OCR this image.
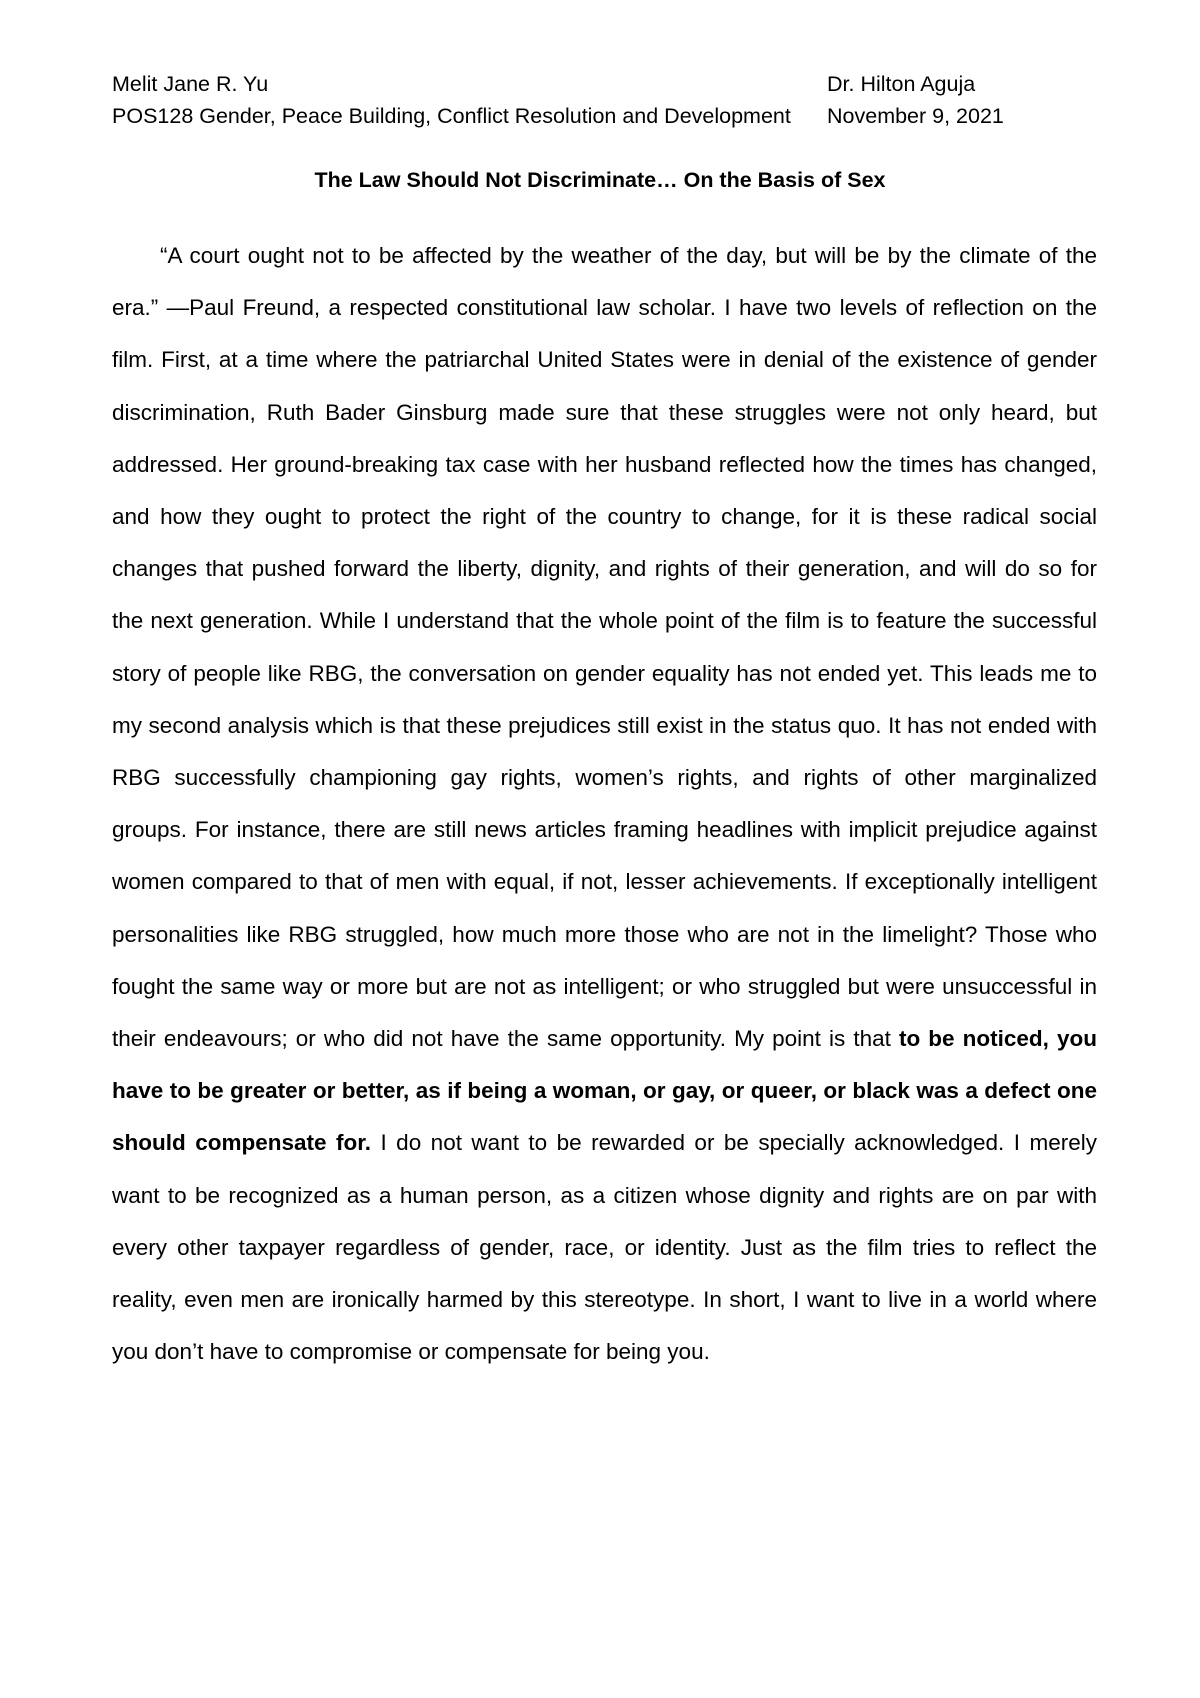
Melit Jane R. Yu	Dr. Hilton Aguja
POS128 Gender, Peace Building, Conflict Resolution and Development November 9, 2021
The Law Should Not Discriminate… On the Basis of Sex

“A court ought not to be affected by the weather of the day, but will be by the climate of the era.” —Paul Freund, a respected constitutional law scholar. I have two levels of reflection on the film. First, at a time where the patriarchal United States were in denial of the existence of gender discrimination, Ruth Bader Ginsburg made sure that these struggles were not only heard, but addressed. Her ground-breaking tax case with her husband reflected how the times has changed, and how they ought to protect the right of the country to change, for it is these radical social changes that pushed forward the liberty, dignity, and rights of their generation, and will do so for the next generation. While I understand that the whole point of the film is to feature the successful story of people like RBG, the conversation on gender equality has not ended yet. This leads me to my second analysis which is that these prejudices still exist in the status quo. It has not ended with RBG successfully championing gay rights, women’s rights, and rights of other marginalized groups. For instance, there are still news articles framing headlines with implicit prejudice against women compared to that of men with equal, if not, lesser achievements. If exceptionally intelligent personalities like RBG struggled, how much more those who are not in the limelight? Those who fought the same way or more but are not as intelligent; or who struggled but were unsuccessful in their endeavours; or who did not have the same opportunity. My point is that to be noticed, you have to be greater or better, as if being a woman, or gay, or queer, or black was a defect one should compensate for. I do not want to be rewarded or be specially acknowledged. I merely want to be recognized as a human person, as a citizen whose dignity and rights are on par with every other taxpayer regardless of gender, race, or identity. Just as the film tries to reflect the reality, even men are ironically harmed by this stereotype. In short, I want to live in a world where you don’t have to compromise or compensate for being you.
